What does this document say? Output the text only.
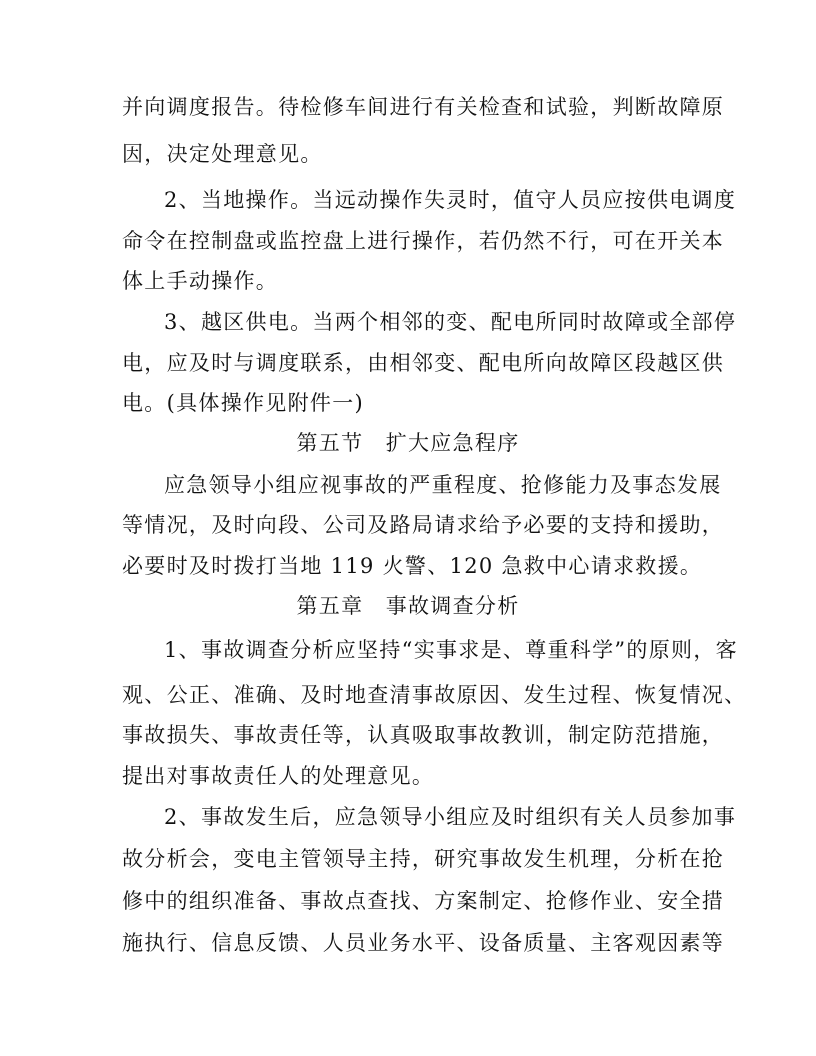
并向调度报告。待检修车间进行有关检查和试验，判断故障原
因，决定处理意见。
2、当地操作。当远动操作失灵时，值守人员应按供电调度
命令在控制盘或监控盘上进行操作，若仍然不行，可在开关本
体上手动操作。
3、越区供电。当两个相邻的变、配电所同时故障或全部停
电，应及时与调度联系，由相邻变、配电所向故障区段越区供
电。(具体操作见附件一)
第五节　扩大应急程序
应急领导小组应视事故的严重程度、抢修能力及事态发展
等情况，及时向段、公司及路局请求给予必要的支持和援助，
必要时及时拨打当地 119 火警、120 急救中心请求救援。
第五章　事故调查分析
1、事故调查分析应坚持“实事求是、尊重科学”的原则，客
观、公正、准确、及时地查清事故原因、发生过程、恢复情况、
事故损失、事故责任等，认真吸取事故教训，制定防范措施，
提出对事故责任人的处理意见。
2、事故发生后，应急领导小组应及时组织有关人员参加事
故分析会，变电主管领导主持，研究事故发生机理，分析在抢
修中的组织准备、事故点查找、方案制定、抢修作业、安全措
施执行、信息反馈、人员业务水平、设备质量、主客观因素等
